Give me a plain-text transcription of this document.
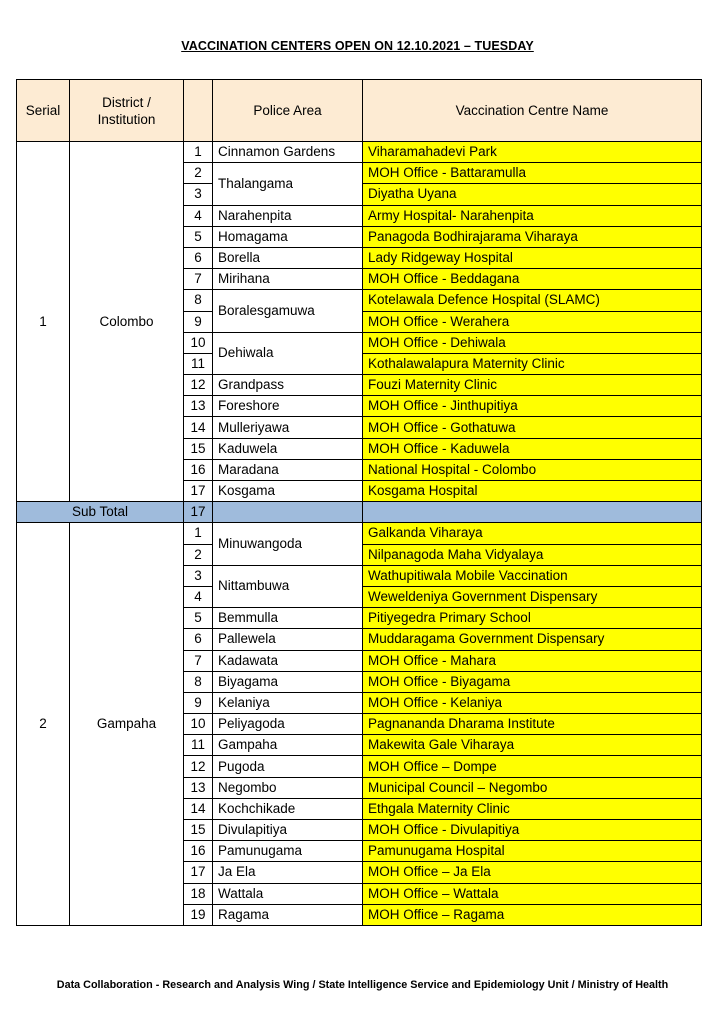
VACCINATION CENTERS OPEN ON 12.10.2021 – TUESDAY
Serial	District / Institution		Police Area	Vaccination Centre Name
1	Colombo	1	Cinnamon Gardens	Viharamahadevi Park
		2	Thalangama	MOH Office - Battaramulla
		3		Diyatha Uyana
		4	Narahenpita	Army Hospital- Narahenpita
		5	Homagama	Panagoda Bodhirajarama Viharaya
		6	Borella	Lady Ridgeway Hospital
		7	Mirihana	MOH Office - Beddagana
		8	Boralesgamuwa	Kotelawala Defence Hospital (SLAMC)
		9		MOH Office - Werahera
		10	Dehiwala	MOH Office - Dehiwala
		11		Kothalawalapura Maternity Clinic
		12	Grandpass	Fouzi Maternity Clinic
		13	Foreshore	MOH Office - Jinthupitiya
		14	Mulleriyawa	MOH Office - Gothatuwa
		15	Kaduwela	MOH Office - Kaduwela
		16	Maradana	National Hospital - Colombo
		17	Kosgama	Kosgama Hospital
Sub Total		17		
2	Gampaha	1	Minuwangoda	Galkanda Viharaya
		2		Nilpanagoda Maha Vidyalaya
		3	Nittambuwa	Wathupitiwala Mobile Vaccination
		4		Weweldeniya Government Dispensary
		5	Bemmulla	Pitiyegedra Primary School
		6	Pallewela	Muddaragama Government Dispensary
		7	Kadawata	MOH Office - Mahara
		8	Biyagama	MOH Office - Biyagama
		9	Kelaniya	MOH Office - Kelaniya
		10	Peliyagoda	Pagnananda Dharama Institute
		11	Gampaha	Makewita Gale Viharaya
		12	Pugoda	MOH Office – Dompe
		13	Negombo	Municipal Council – Negombo
		14	Kochchikade	Ethgala Maternity Clinic
		15	Divulapitiya	MOH Office - Divulapitiya
		16	Pamunugama	Pamunugama Hospital
		17	Ja Ela	MOH Office – Ja Ela
		18	Wattala	MOH Office – Wattala
		19	Ragama	MOH Office – Ragama
Data Collaboration - Research and Analysis Wing / State Intelligence Service and Epidemiology Unit / Ministry of Health
